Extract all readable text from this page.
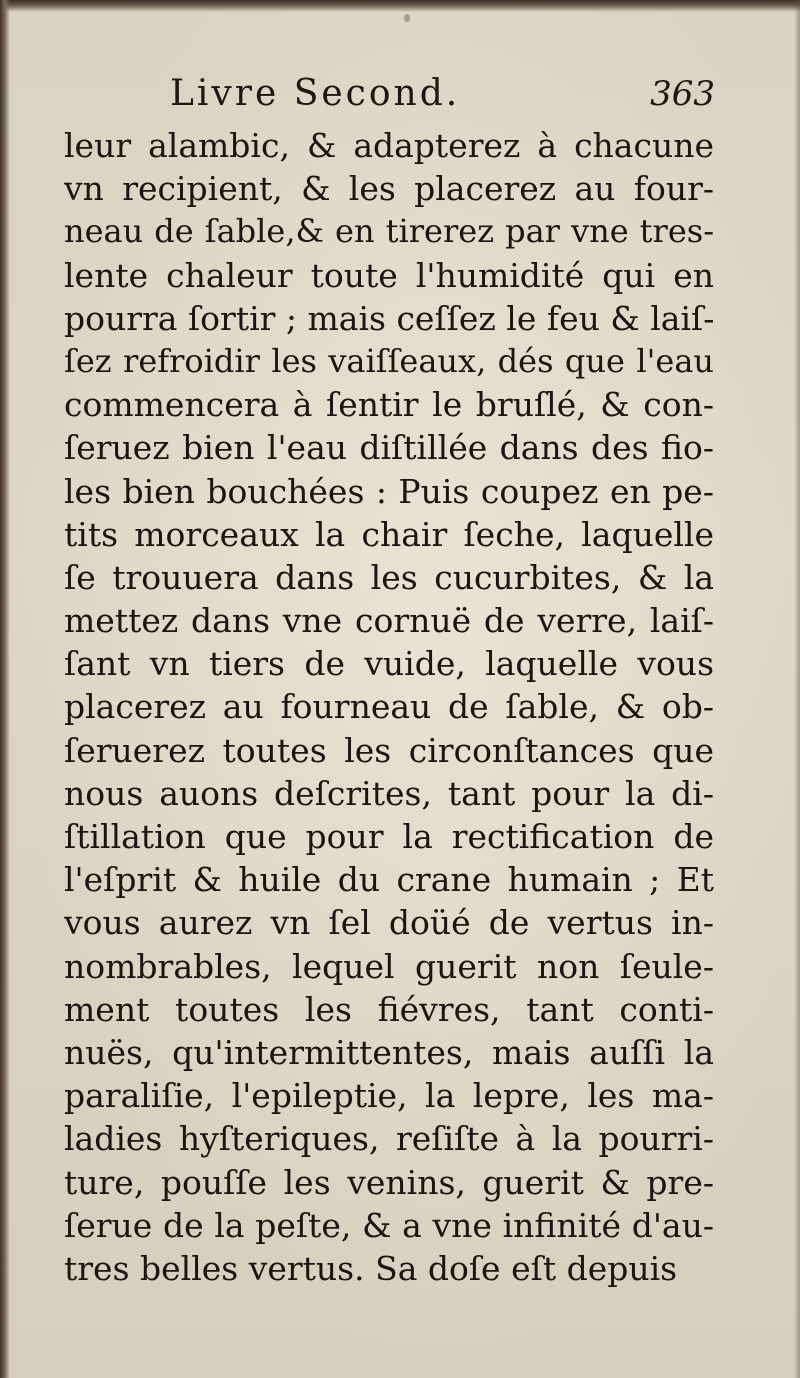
Livre Second.	363
leur alambic, & adapterez à chacune
vn recipient, & les placerez au four-
neau de ſable,& en tirerez par vne tres-
lente chaleur toute l'humidité qui en
pourra ſortir ; mais ceſſez le feu & laiſ-
ſez refroidir les vaiſſeaux, dés que l'eau
commencera à ſentir le bruſlé, & con-
ſeruez bien l'eau diſtillée dans des fio-
les bien bouchées : Puis coupez en pe-
tits morceaux la chair ſeche, laquelle
ſe trouuera dans les cucurbites, & la
mettez dans vne cornuë de verre, laiſ-
ſant vn tiers de vuide, laquelle vous
placerez au fourneau de ſable, & ob-
ſeruerez toutes les circonſtances que
nous auons deſcrites, tant pour la di-
ſtillation que pour la rectification de
l'eſprit & huile du crane humain ; Et
vous aurez vn ſel doüé de vertus in-
nombrables, lequel guerit non ſeule-
ment toutes les fiévres, tant conti-
nuës, qu'intermittentes, mais auſſi la
paraliſie, l'epileptie, la lepre, les ma-
ladies hyſteriques, reſiſte à la pourri-
ture, pouſſe les venins, guerit & pre-
ſerue de la peſte, & a vne infinité d'au-
tres belles vertus. Sa doſe eſt depuis
